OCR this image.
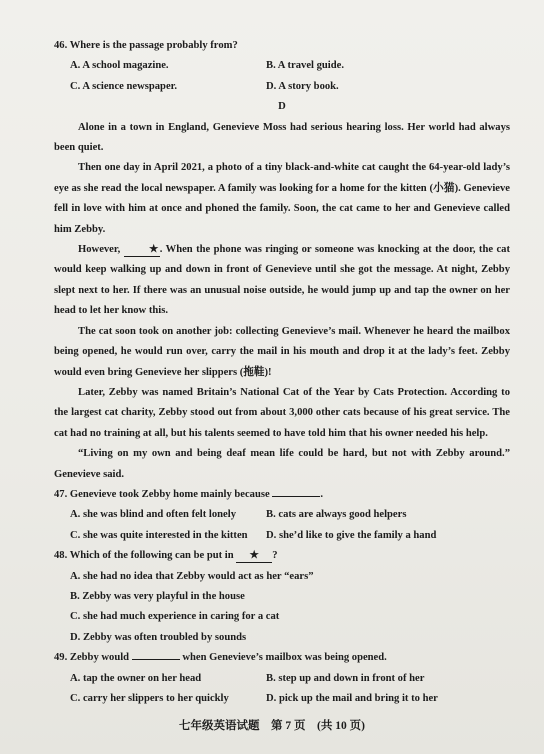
46. Where is the passage probably from?

A. A school magazine.	B. A travel guide.
C. A science newspaper.	D. A story book.

D

Alone in a town in England, Genevieve Moss had serious hearing loss. Her world had always been quiet.

Then one day in April 2021, a photo of a tiny black-and-white cat caught the 64-year-old lady’s eye as she read the local newspaper. A family was looking for a home for the kitten (小猫). Genevieve fell in love with him at once and phoned the family. Soon, the cat came to her and Genevieve called him Zebby.

However,	★. When the phone was ringing or someone was knocking at the door, the cat would keep walking up and down in front of Genevieve until she got the message. At night, Zebby slept next to her. If there was an unusual noise outside, he would jump up and tap the owner on her head to let her know this.

The cat soon took on another job: collecting Genevieve’s mail. Whenever he heard the mailbox being opened, he would run over, carry the mail in his mouth and drop it at the lady’s feet. Zebby would even bring Genevieve her slippers (拖鞋)!

Later, Zebby was named Britain’s National Cat of the Year by Cats Protection. According to the largest cat charity, Zebby stood out from about 3,000 other cats because of his great service. The cat had no training at all, but his talents seemed to have told him that his owner needed his help.

“Living on my own and being deaf mean life could be hard, but not with Zebby around.” Genevieve said.

47. Genevieve took Zebby home mainly because	.

A. she was blind and often felt lonely	B. cats are always good helpers
C. she was quite interested in the kitten	D. she’d like to give the family a hand

48. Which of the following can be put in ★ ?

A. she had no idea that Zebby would act as her “ears”

B. Zebby was very playful in the house

C. she had much experience in caring for a cat

D. Zebby was often troubled by sounds

49. Zebby would	when Genevieve’s mailbox was being opened.

A. tap the owner on her head	B. step up and down in front of her
C. carry her slippers to her quickly	D. pick up the mail and bring it to her
七年级英语试题　第 7 页　(共 10 页)
